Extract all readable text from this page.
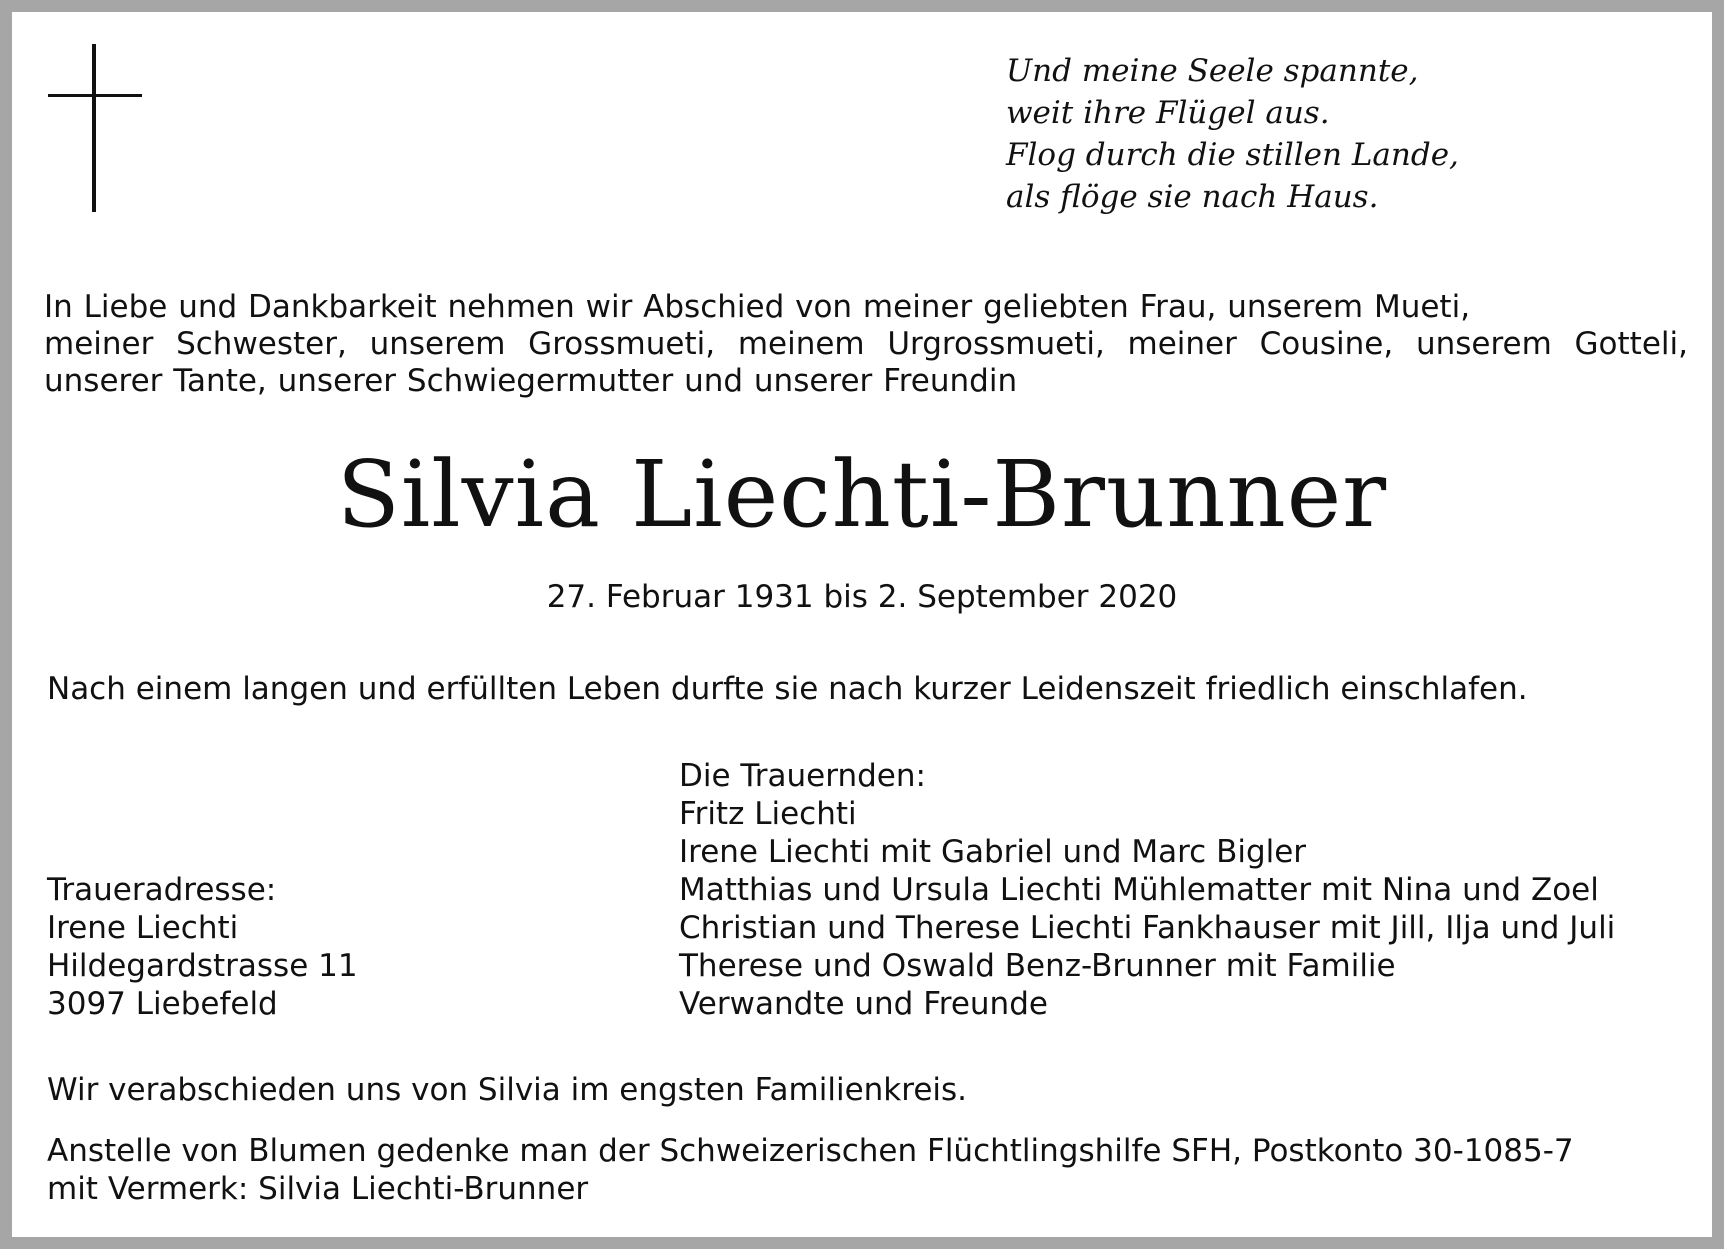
Und meine Seele spannte,
weit ihre Flügel aus.
Flog durch die stillen Lande,
als flöge sie nach Haus.
In Liebe und Dankbarkeit nehmen wir Abschied von meiner geliebten Frau, unserem Mueti,
meiner Schwester, unserem Grossmueti, meinem Urgrossmueti, meiner Cousine, unserem Gotteli,
unserer Tante, unserer Schwiegermutter und unserer Freundin
Silvia Liechti-Brunner
27. Februar 1931 bis 2. September 2020
Nach einem langen und erfüllten Leben durfte sie nach kurzer Leidenszeit friedlich einschlafen.
Die Trauernden:
Fritz Liechti
Irene Liechti mit Gabriel und Marc Bigler
Matthias und Ursula Liechti Mühlematter mit Nina und Zoel
Christian und Therese Liechti Fankhauser mit Jill, Ilja und Juli
Therese und Oswald Benz-Brunner mit Familie
Verwandte und Freunde
Traueradresse:
Irene Liechti
Hildegardstrasse 11
3097 Liebefeld
Wir verabschieden uns von Silvia im engsten Familienkreis.
Anstelle von Blumen gedenke man der Schweizerischen Flüchtlingshilfe SFH, Postkonto 30-1085-7
mit Vermerk: Silvia Liechti-Brunner
